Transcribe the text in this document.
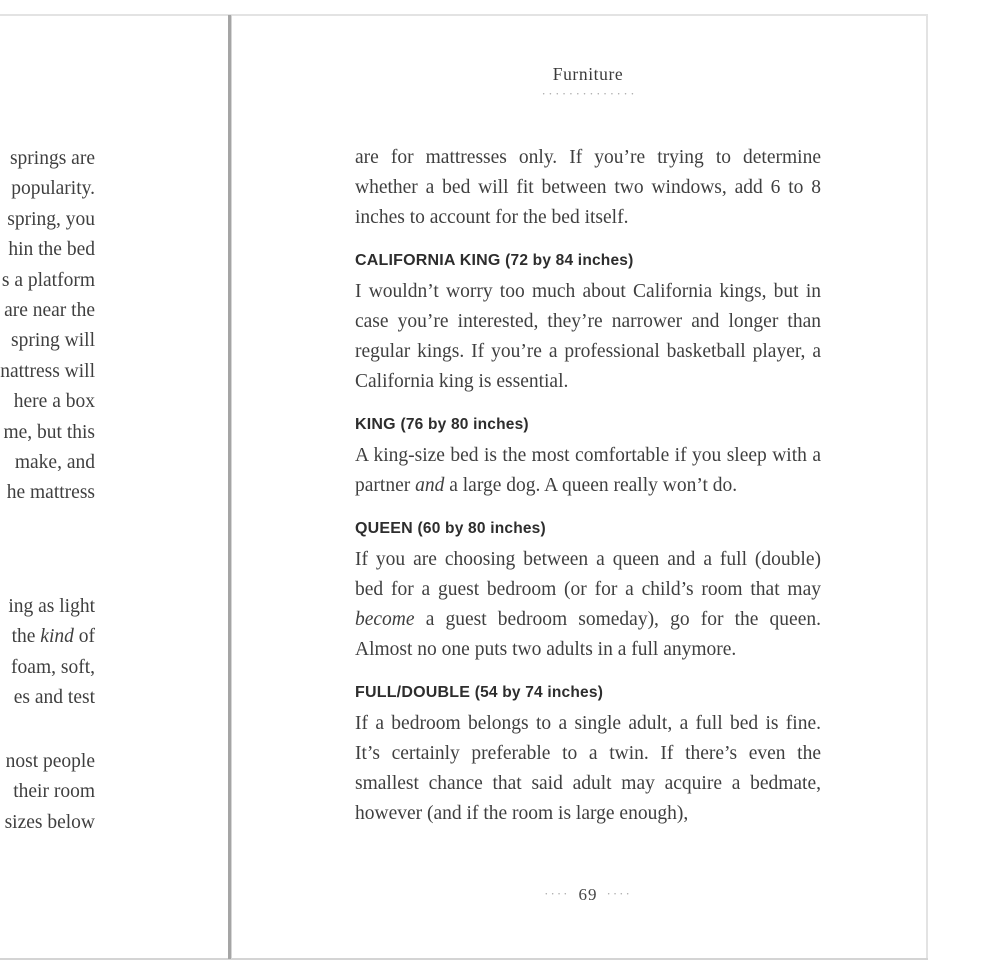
springs are
popularity.
spring, you
hin the bed
s a platform
are near the
spring will
nattress will
here a box
me, but this
make, and
he mattress
ing as light
the kind of
foam, soft,
es and test
nost people
their room
sizes below
Furniture
··············

are for mattresses only. If you’re trying to determine whether a bed will fit between two windows, add 6 to 8 inches to account for the bed itself.

CALIFORNIA KING (72 by 84 inches)

I wouldn’t worry too much about California kings, but in case you’re interested, they’re narrower and longer than regular kings. If you’re a professional basketball player, a California king is essential.

KING (76 by 80 inches)

A king-size bed is the most comfortable if you sleep with a partner and a large dog. A queen really won’t do.

QUEEN (60 by 80 inches)

If you are choosing between a queen and a full (double) bed for a guest bedroom (or for a child’s room that may become a guest bedroom someday), go for the queen. Almost no one puts two adults in a full anymore.

FULL/DOUBLE (54 by 74 inches)

If a bedroom belongs to a single adult, a full bed is fine. It’s certainly preferable to a twin. If there’s even the smallest chance that said adult may acquire a bedmate, however (and if the room is large enough),

···· 69 ····
